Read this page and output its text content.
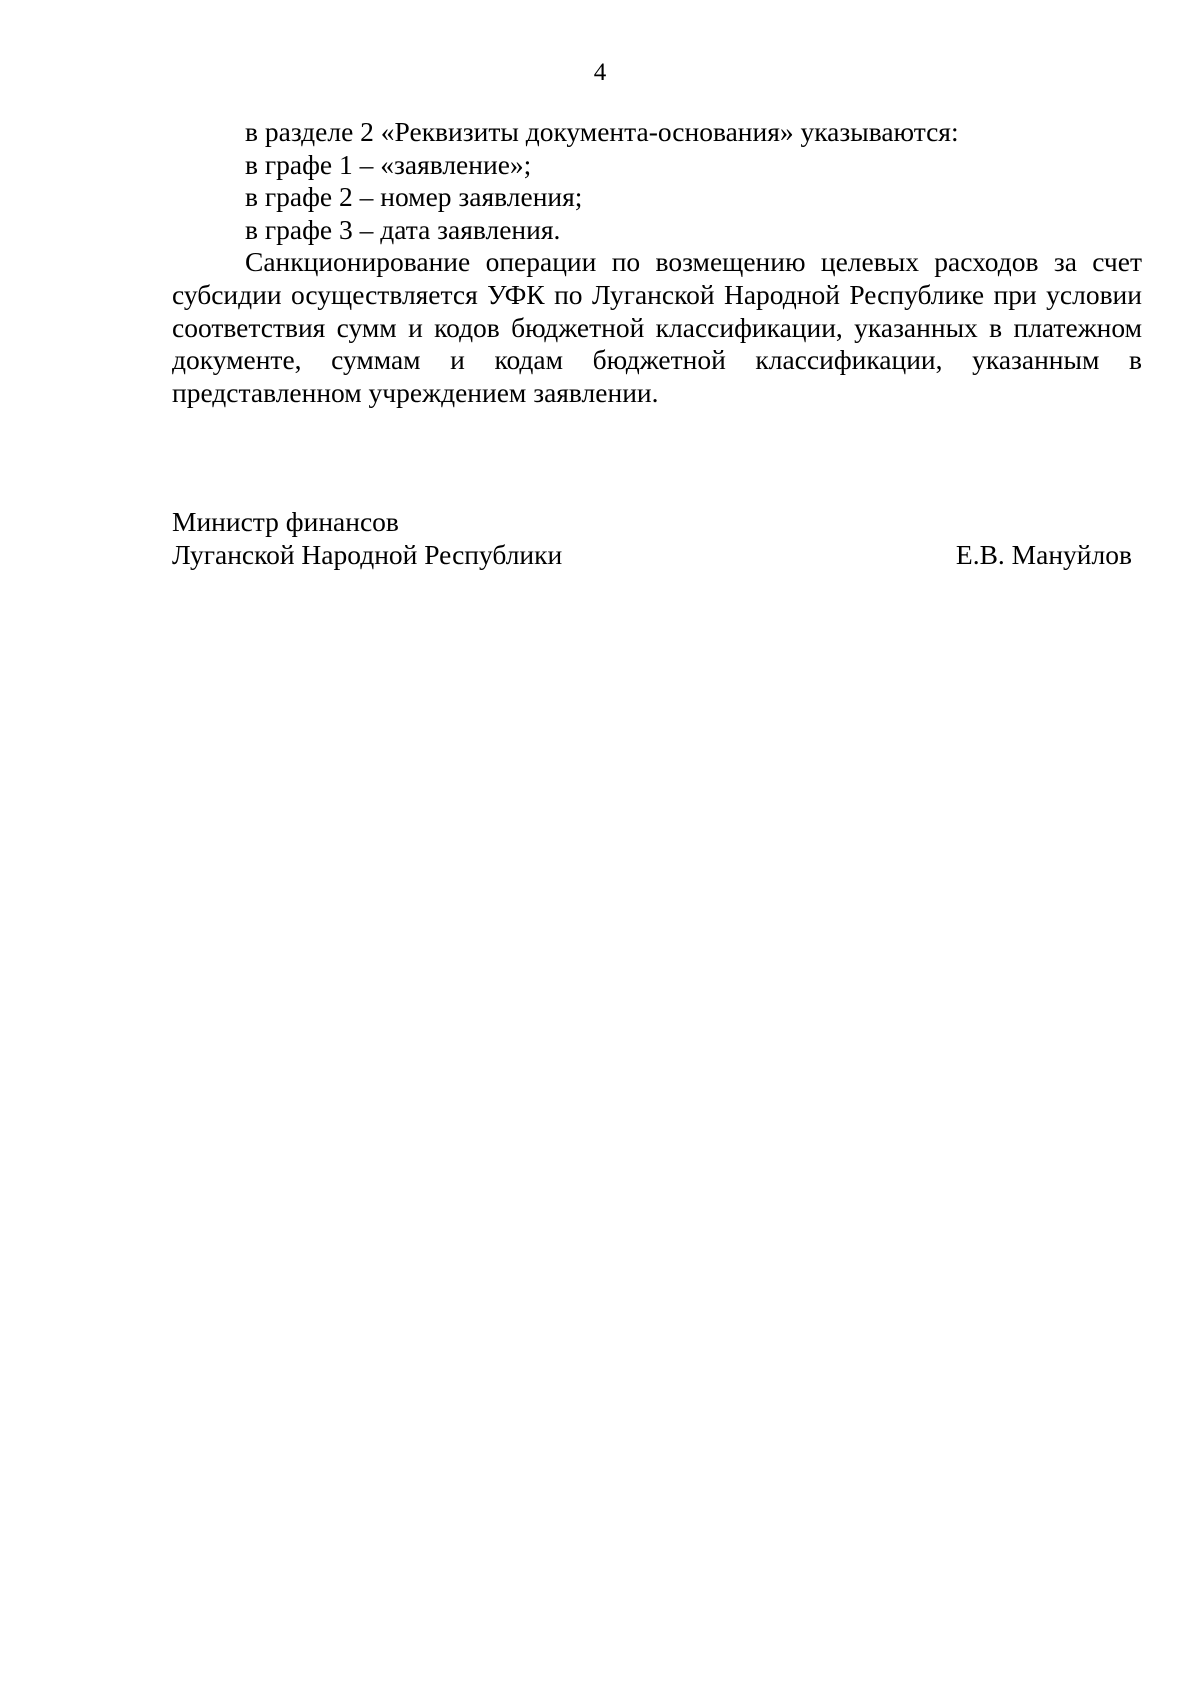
4
в разделе 2 «Реквизиты документа-основания» указываются:
в графе 1 – «заявление»;
в графе 2 – номер заявления;
в графе 3 – дата заявления.

Санкционирование операции по возмещению целевых расходов за счет субсидии осуществляется УФК по Луганской Народной Республике при условии соответствия сумм и кодов бюджетной классификации, указанных в платежном документе, суммам и кодам бюджетной классификации, указанным в представленном учреждением заявлении.

Министр финансов
Луганской Народной Республики	Е.В. Мануйлов
